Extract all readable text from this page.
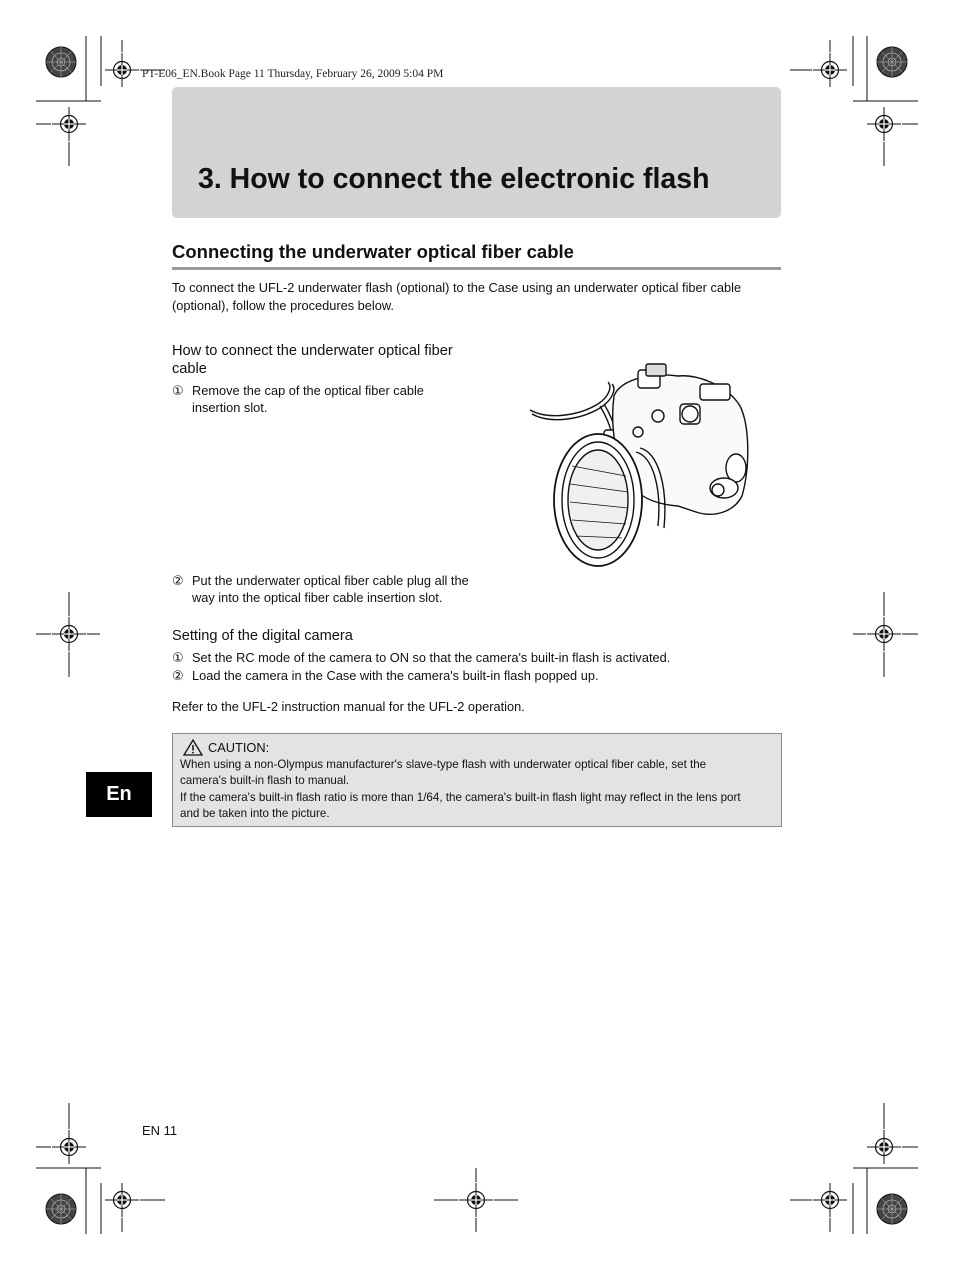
PT-E06_EN.Book Page 11 Thursday, February 26, 2009 5:04 PM
3. How to connect the electronic flash
Connecting the underwater optical fiber cable
To connect the UFL-2 underwater flash (optional) to the Case using an underwater optical fiber cable (optional), follow the procedures below.
How to connect the underwater optical fiber
cable
① Remove the cap of the optical fiber cable
insertion slot.
② Put the underwater optical fiber cable plug all the
way into the optical fiber cable insertion slot.
Setting of the digital camera
① Set the RC mode of the camera to ON so that the camera's built-in flash is activated.
② Load the camera in the Case with the camera's built-in flash popped up.
Refer to the UFL-2 instruction manual for the UFL-2 operation.
CAUTION:
When using a non-Olympus manufacturer's slave-type flash with underwater optical fiber cable, set the
camera's built-in flash to manual.
If the camera's built-in flash ratio is more than 1/64, the camera's built-in flash light may reflect in the lens port
and be taken into the picture.
En
EN 11
